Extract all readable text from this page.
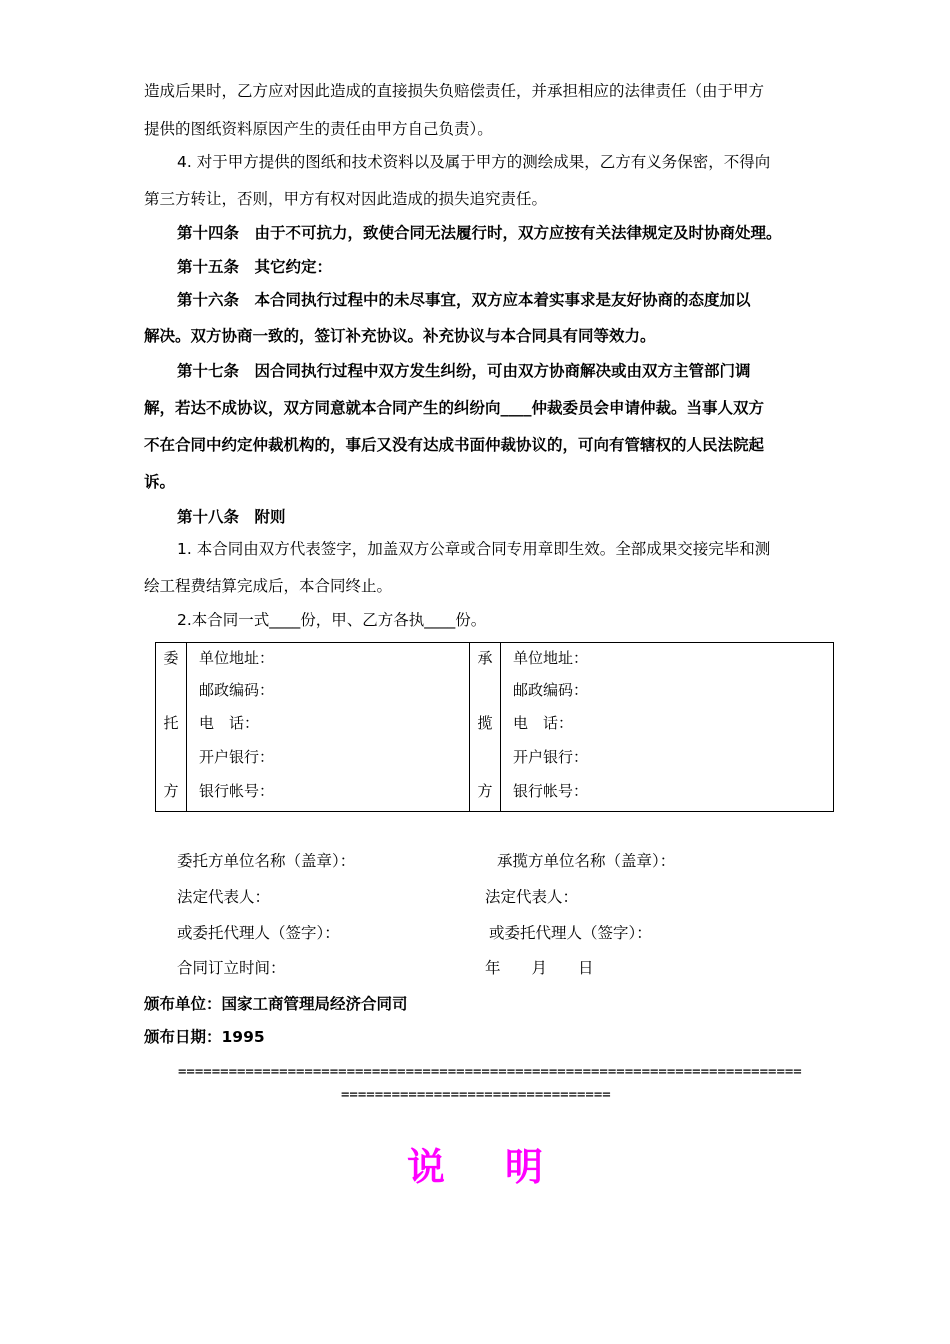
造成后果时，乙方应对因此造成的直接损失负赔偿责任，并承担相应的法律责任（由于甲方
提供的图纸资料原因产生的责任由甲方自己负责）。
4. 对于甲方提供的图纸和技术资料以及属于甲方的测绘成果，乙方有义务保密，不得向
第三方转让，否则，甲方有权对因此造成的损失追究责任。
第十四条　由于不可抗力，致使合同无法履行时，双方应按有关法律规定及时协商处理。
第十五条　其它约定：
第十六条　本合同执行过程中的未尽事宜，双方应本着实事求是友好协商的态度加以
解决。双方协商一致的，签订补充协议。补充协议与本合同具有同等效力。
第十七条　因合同执行过程中双方发生纠纷，可由双方协商解决或由双方主管部门调
解，若达不成协议，双方同意就本合同产生的纠纷向____仲裁委员会申请仲裁。当事人双方
不在合同中约定仲裁机构的，事后又没有达成书面仲裁协议的，可向有管辖权的人民法院起
诉。
第十八条　附则
1. 本合同由双方代表签字，加盖双方公章或合同专用章即生效。全部成果交接完毕和测
绘工程费结算完成后，本合同终止。
2.本合同一式____份，甲、乙方各执____份。
委
托
方

单位地址：
邮政编码：
电　话：
开户银行：
银行帐号：

承
揽
方

单位地址：
邮政编码：
电　话：
开户银行：
银行帐号：
委托方单位名称（盖章）：	承揽方单位名称（盖章）：
法定代表人：	法定代表人：
或委托代理人（签字）：	或委托代理人（签字）：
合同订立时间：	年　　月　　日
颁布单位：国家工商管理局经济合同司
颁布日期：1995
==========================================================================
================================
说明
